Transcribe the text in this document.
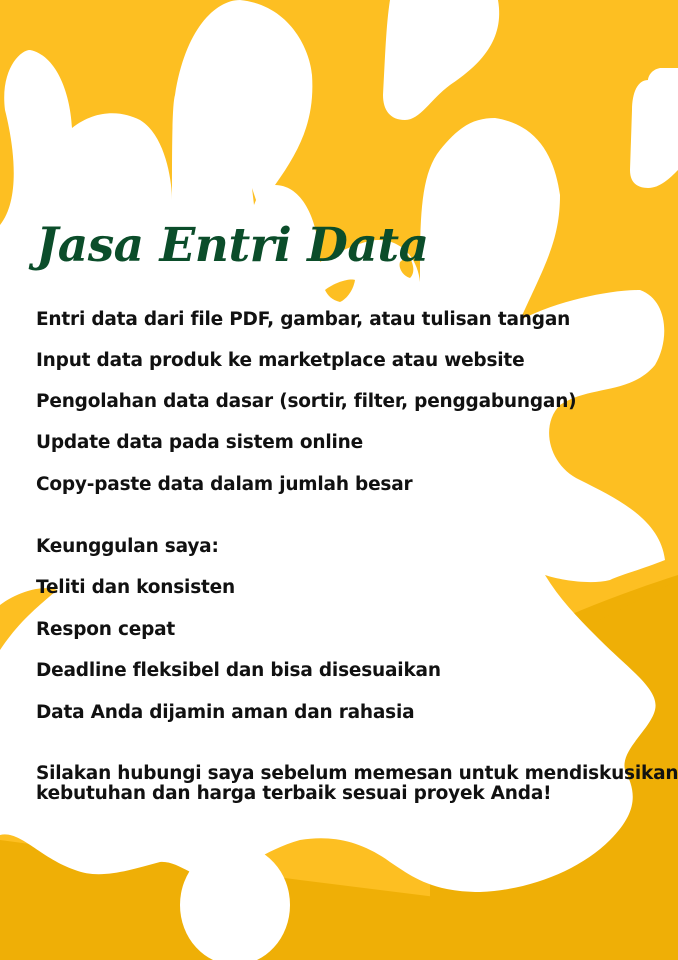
Jasa Entri Data
Entri data dari file PDF, gambar, atau tulisan tangan
Input data produk ke marketplace atau website
Pengolahan data dasar (sortir, filter, penggabungan)
Update data pada sistem online
Copy-paste data dalam jumlah besar
Keunggulan saya:
Teliti dan konsisten
Respon cepat
Deadline fleksibel dan bisa disesuaikan
Data Anda dijamin aman dan rahasia
Silakan hubungi saya sebelum memesan untuk mendiskusikan
kebutuhan dan harga terbaik sesuai proyek Anda!
